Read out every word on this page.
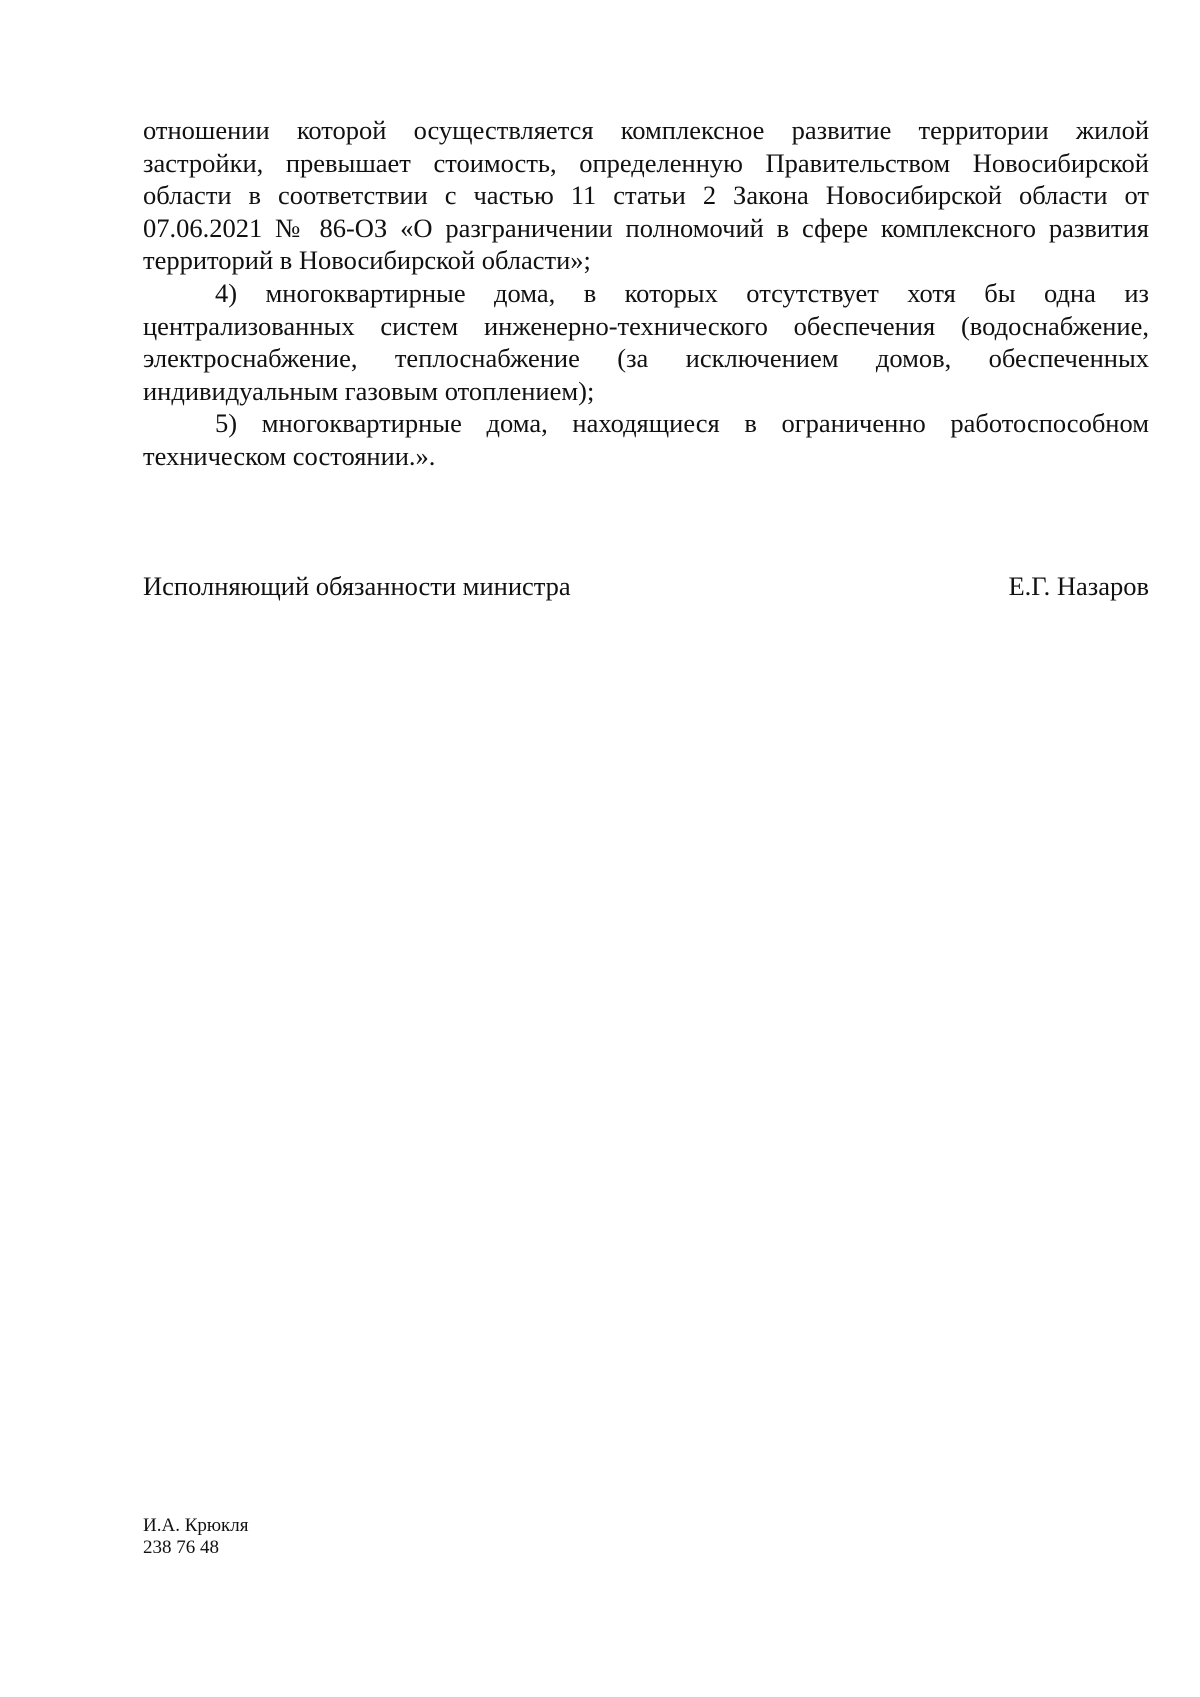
отношении которой осуществляется комплексное развитие территории жилой застройки, превышает стоимость, определенную Правительством Новосибирской области в соответствии с частью 11 статьи 2 Закона Новосибирской области от 07.06.2021 № 86-ОЗ «О разграничении полномочий в сфере комплексного развития территорий в Новосибирской области»;

4) многоквартирные дома, в которых отсутствует хотя бы одна из централизованных систем инженерно-технического обеспечения (водоснабжение, электроснабжение, теплоснабжение (за исключением домов, обеспеченных индивидуальным газовым отоплением);

5) многоквартирные дома, находящиеся в ограниченно работоспособном техническом состоянии.».

Исполняющий обязанности министра	Е.Г. Назаров
И.А. Крюкля
238 76 48
